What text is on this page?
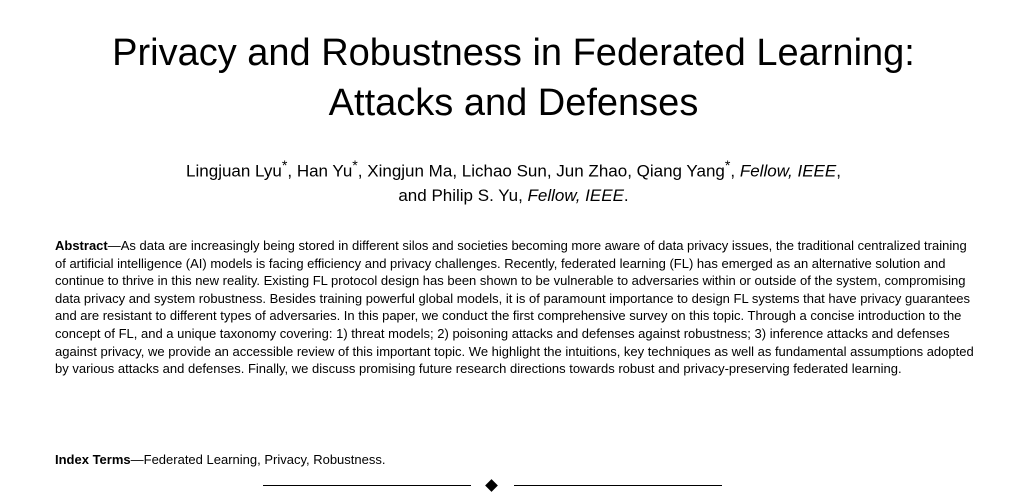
Privacy and Robustness in Federated Learning:
Attacks and Defenses
Lingjuan Lyu*, Han Yu*, Xingjun Ma, Lichao Sun, Jun Zhao, Qiang Yang*, Fellow, IEEE,
and Philip S. Yu, Fellow, IEEE.
Abstract—As data are increasingly being stored in different silos and societies becoming more aware of data privacy issues, the traditional centralized training of artificial intelligence (AI) models is facing efficiency and privacy challenges. Recently, federated learning (FL) has emerged as an alternative solution and continue to thrive in this new reality. Existing FL protocol design has been shown to be vulnerable to adversaries within or outside of the system, compromising data privacy and system robustness. Besides training powerful global models, it is of paramount importance to design FL systems that have privacy guarantees and are resistant to different types of adversaries. In this paper, we conduct the first comprehensive survey on this topic. Through a concise introduction to the concept of FL, and a unique taxonomy covering: 1) threat models; 2) poisoning attacks and defenses against robustness; 3) inference attacks and defenses against privacy, we provide an accessible review of this important topic. We highlight the intuitions, key techniques as well as fundamental assumptions adopted by various attacks and defenses. Finally, we discuss promising future research directions towards robust and privacy-preserving federated learning.
Index Terms—Federated Learning, Privacy, Robustness.
